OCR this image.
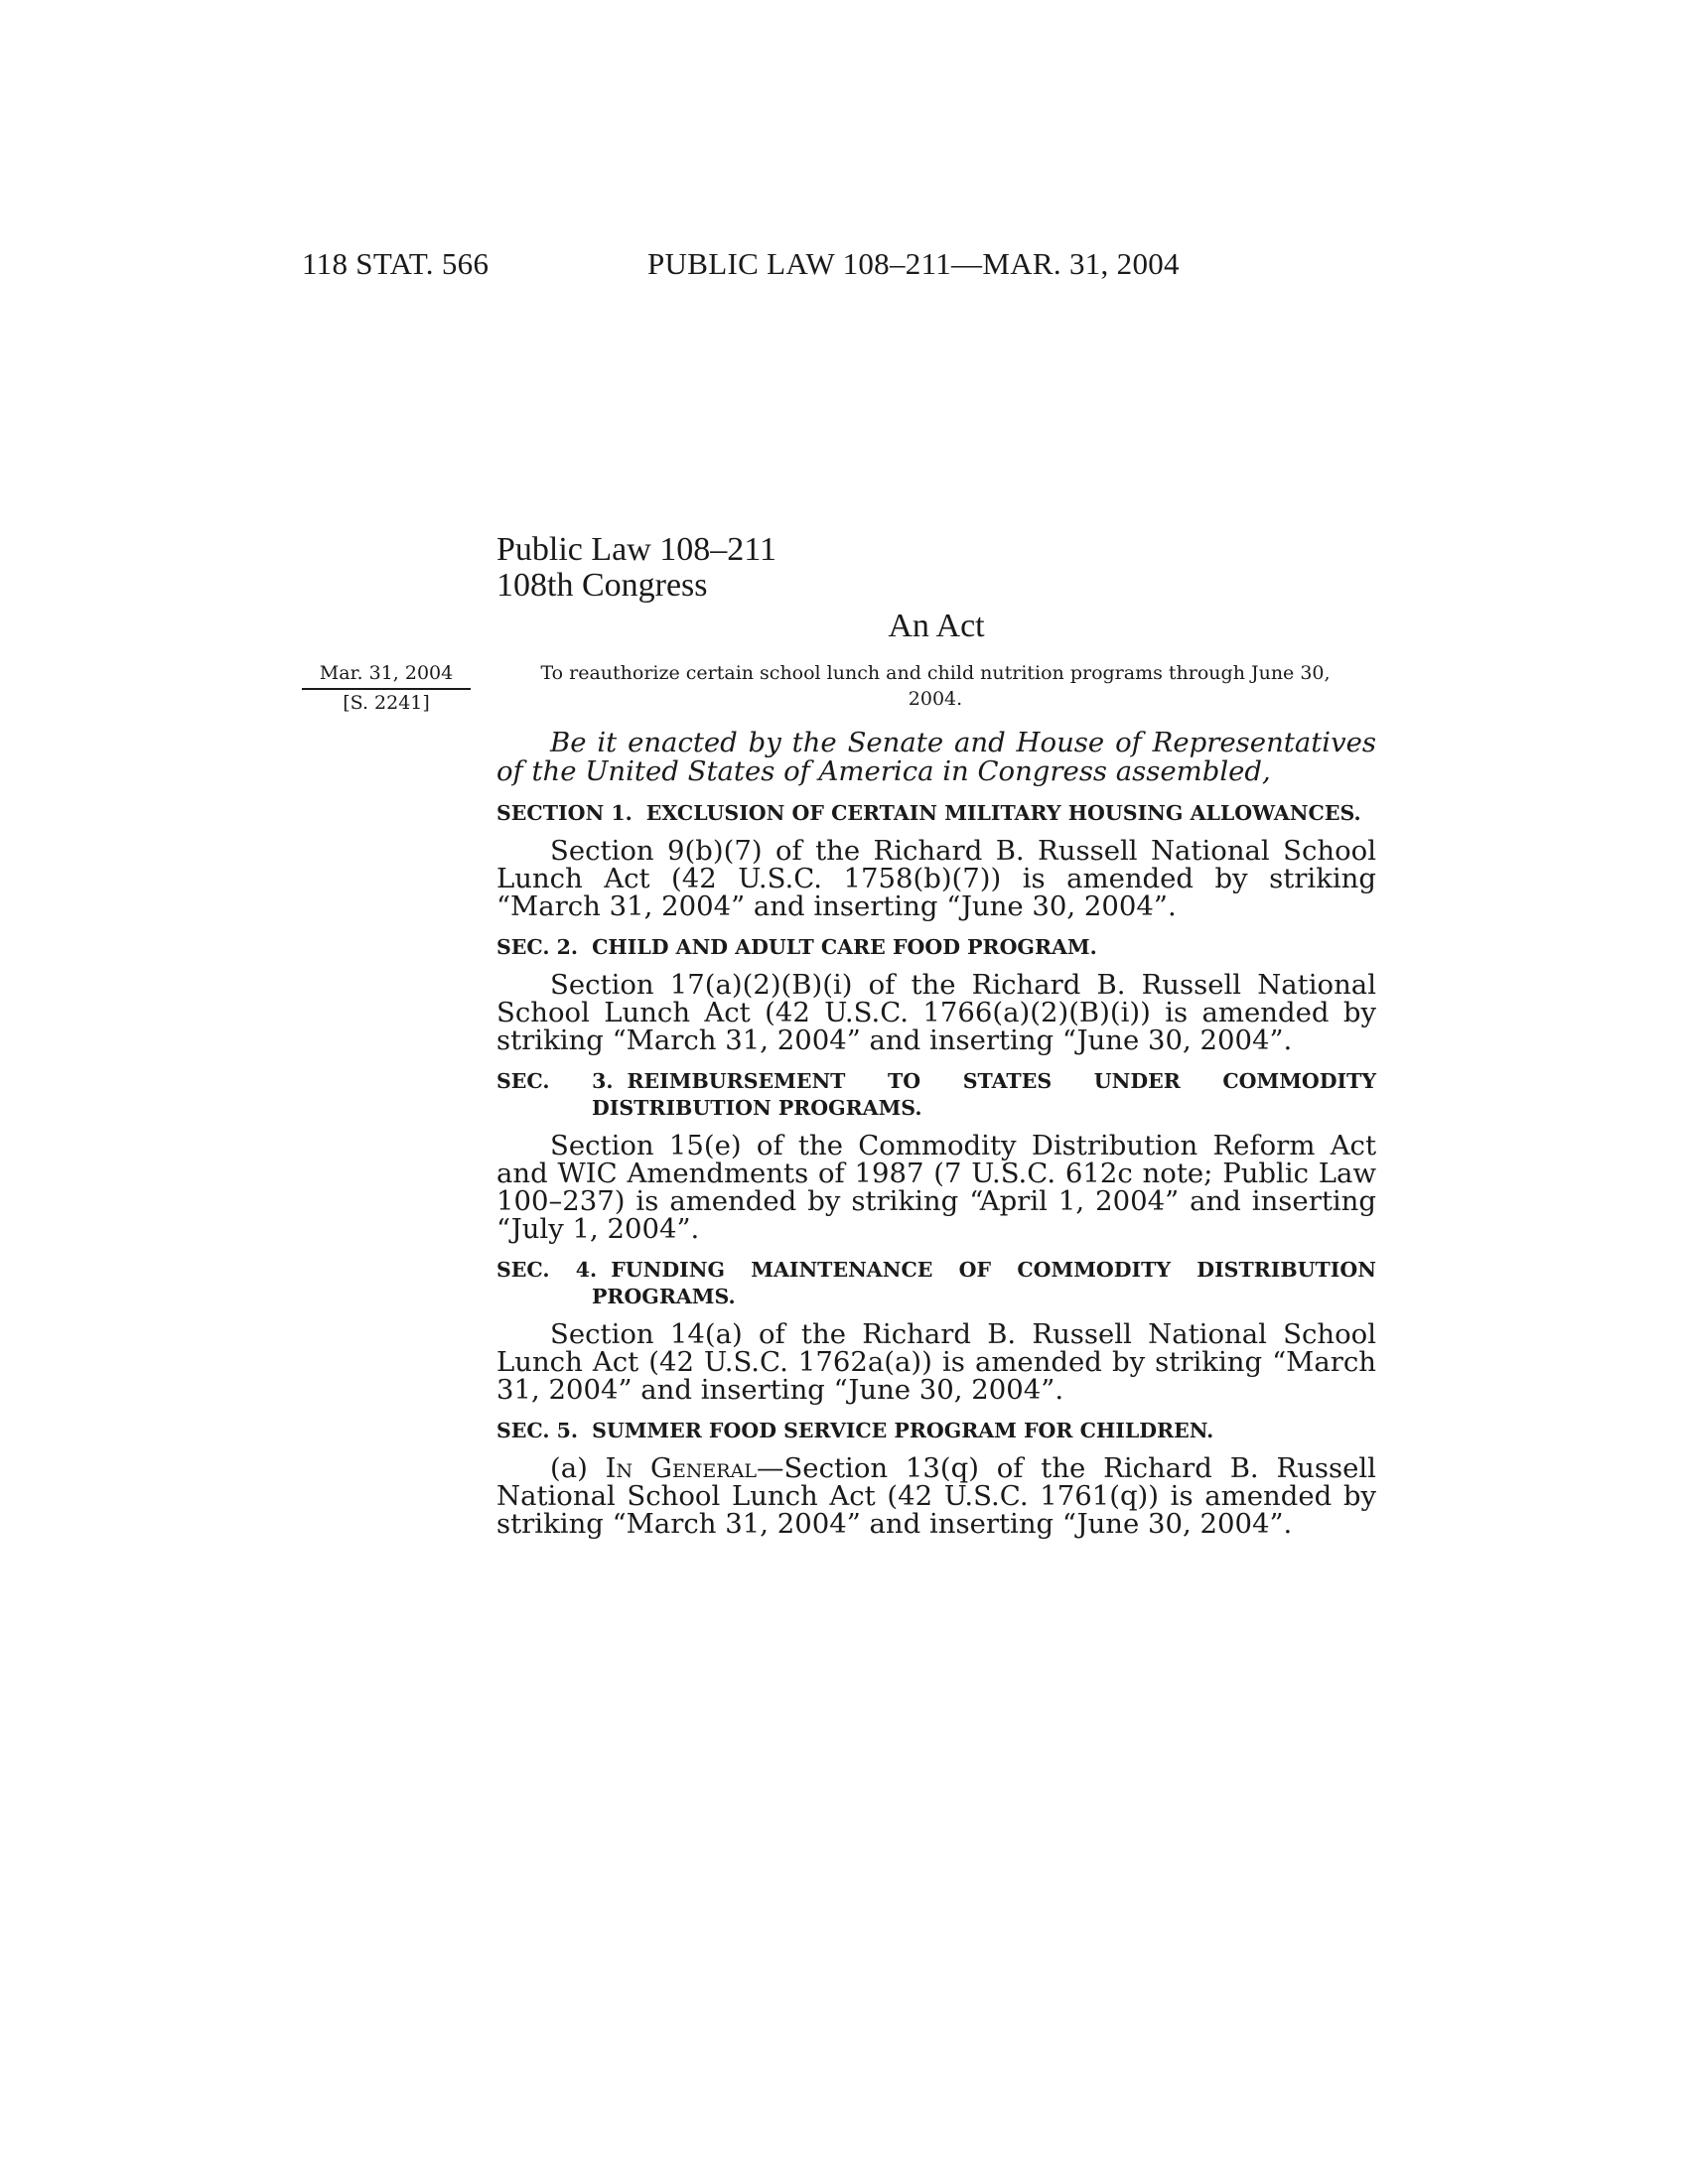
118 STAT. 566	PUBLIC LAW 108–211—MAR. 31, 2004
Public Law 108–211
108th Congress
An Act
Mar. 31, 2004
[S. 2241]
To reauthorize certain school lunch and child nutrition programs through June 30, 2004.

Be it enacted by the Senate and House of Representatives of the United States of America in Congress assembled,

SECTION 1. EXCLUSION OF CERTAIN MILITARY HOUSING ALLOWANCES.

Section 9(b)(7) of the Richard B. Russell National School Lunch Act (42 U.S.C. 1758(b)(7)) is amended by striking “March 31, 2004” and inserting “June 30, 2004”.

SEC. 2. CHILD AND ADULT CARE FOOD PROGRAM.

Section 17(a)(2)(B)(i) of the Richard B. Russell National School Lunch Act (42 U.S.C. 1766(a)(2)(B)(i)) is amended by striking “March 31, 2004” and inserting “June 30, 2004”.

SEC. 3. REIMBURSEMENT TO STATES UNDER COMMODITY DISTRIBUTION PROGRAMS.

Section 15(e) of the Commodity Distribution Reform Act and WIC Amendments of 1987 (7 U.S.C. 612c note; Public Law 100–237) is amended by striking “April 1, 2004” and inserting “July 1, 2004”.

SEC. 4. FUNDING MAINTENANCE OF COMMODITY DISTRIBUTION PROGRAMS.

Section 14(a) of the Richard B. Russell National School Lunch Act (42 U.S.C. 1762a(a)) is amended by striking “March 31, 2004” and inserting “June 30, 2004”.

SEC. 5. SUMMER FOOD SERVICE PROGRAM FOR CHILDREN.

(a) In General—Section 13(q) of the Richard B. Russell National School Lunch Act (42 U.S.C. 1761(q)) is amended by striking “March 31, 2004” and inserting “June 30, 2004”.
